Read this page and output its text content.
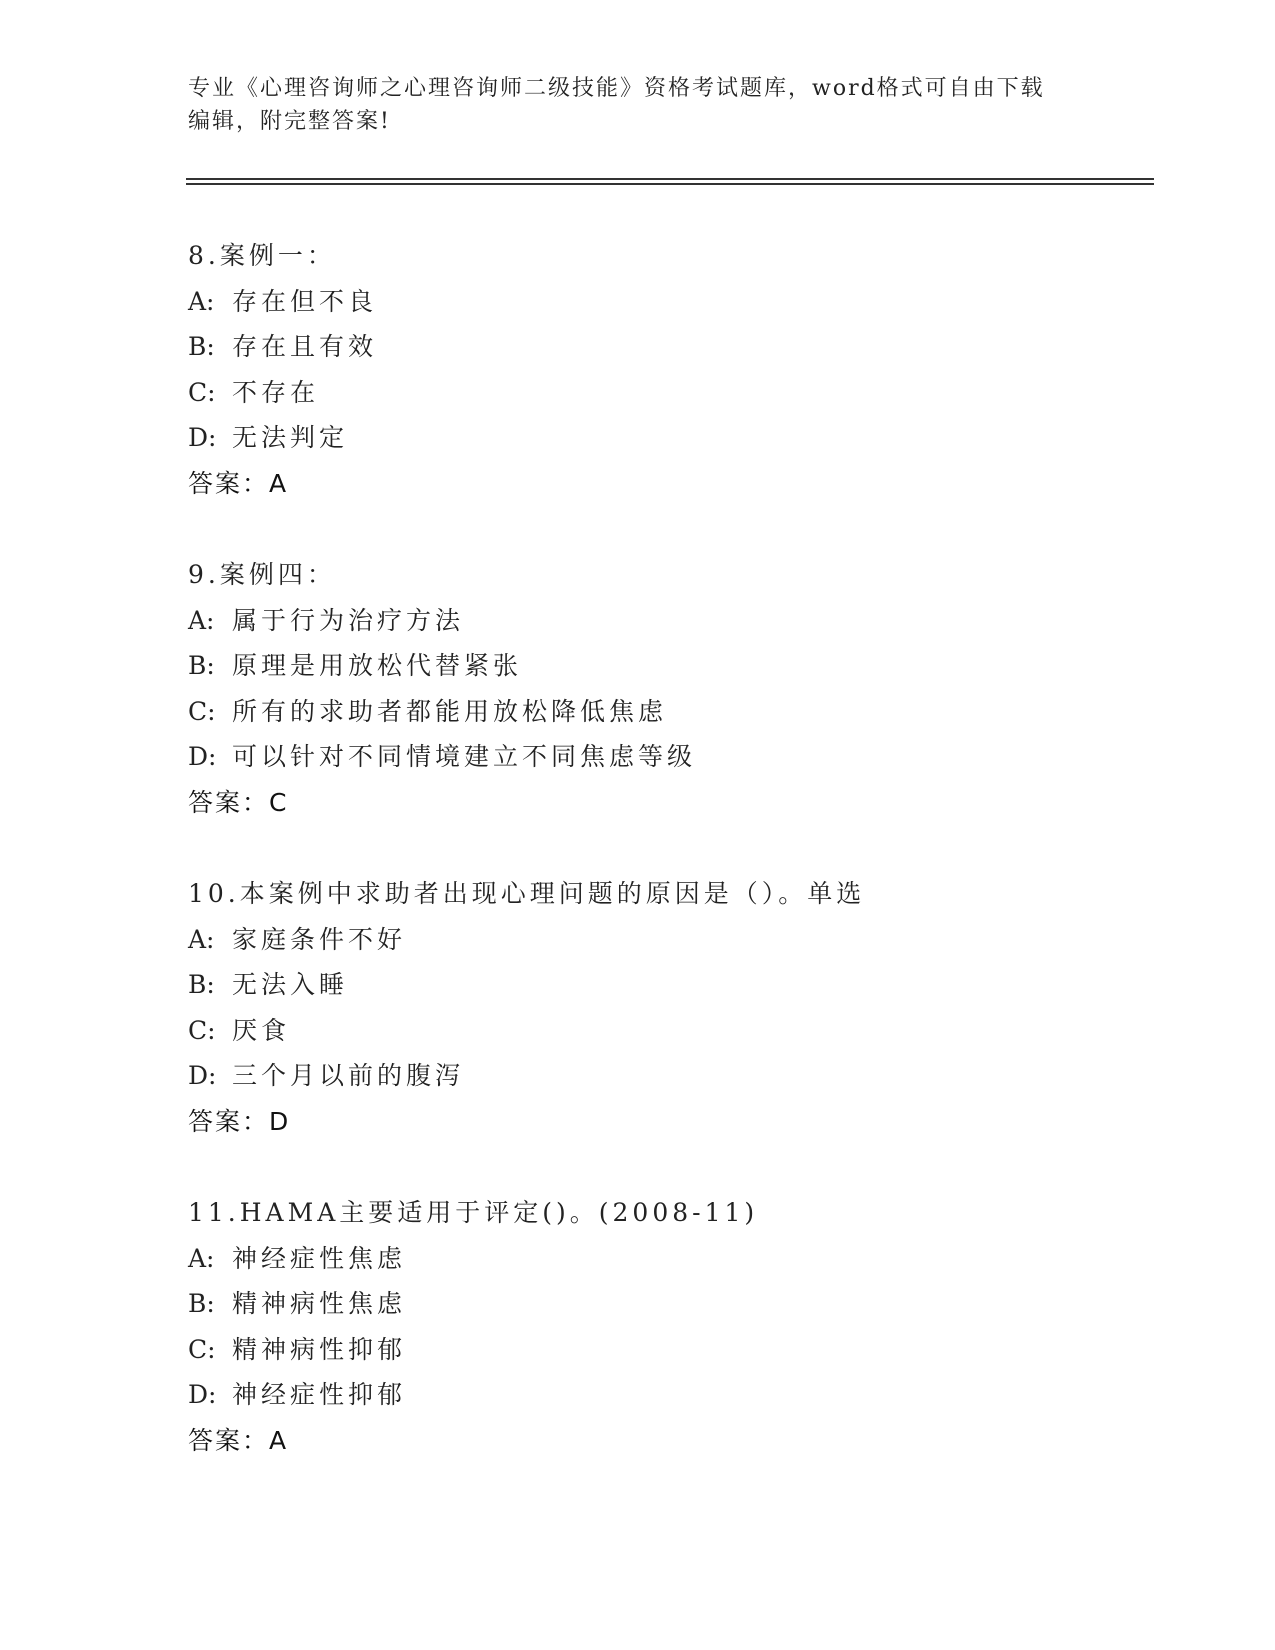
专业《心理咨询师之心理咨询师二级技能》资格考试题库，word格式可自由下载
编辑，附完整答案!
8.案例一：
A: 存在但不良
B: 存在且有效
C: 不存在
D: 无法判定
答案：A
9.案例四：
A: 属于行为治疗方法
B: 原理是用放松代替紧张
C: 所有的求助者都能用放松降低焦虑
D: 可以针对不同情境建立不同焦虑等级
答案：C
10.本案例中求助者出现心理问题的原因是（）。单选
A: 家庭条件不好
B: 无法入睡
C: 厌食
D: 三个月以前的腹泻
答案：D
11.HAMA主要适用于评定()。(2008-11)
A: 神经症性焦虑
B: 精神病性焦虑
C: 精神病性抑郁
D: 神经症性抑郁
答案：A
